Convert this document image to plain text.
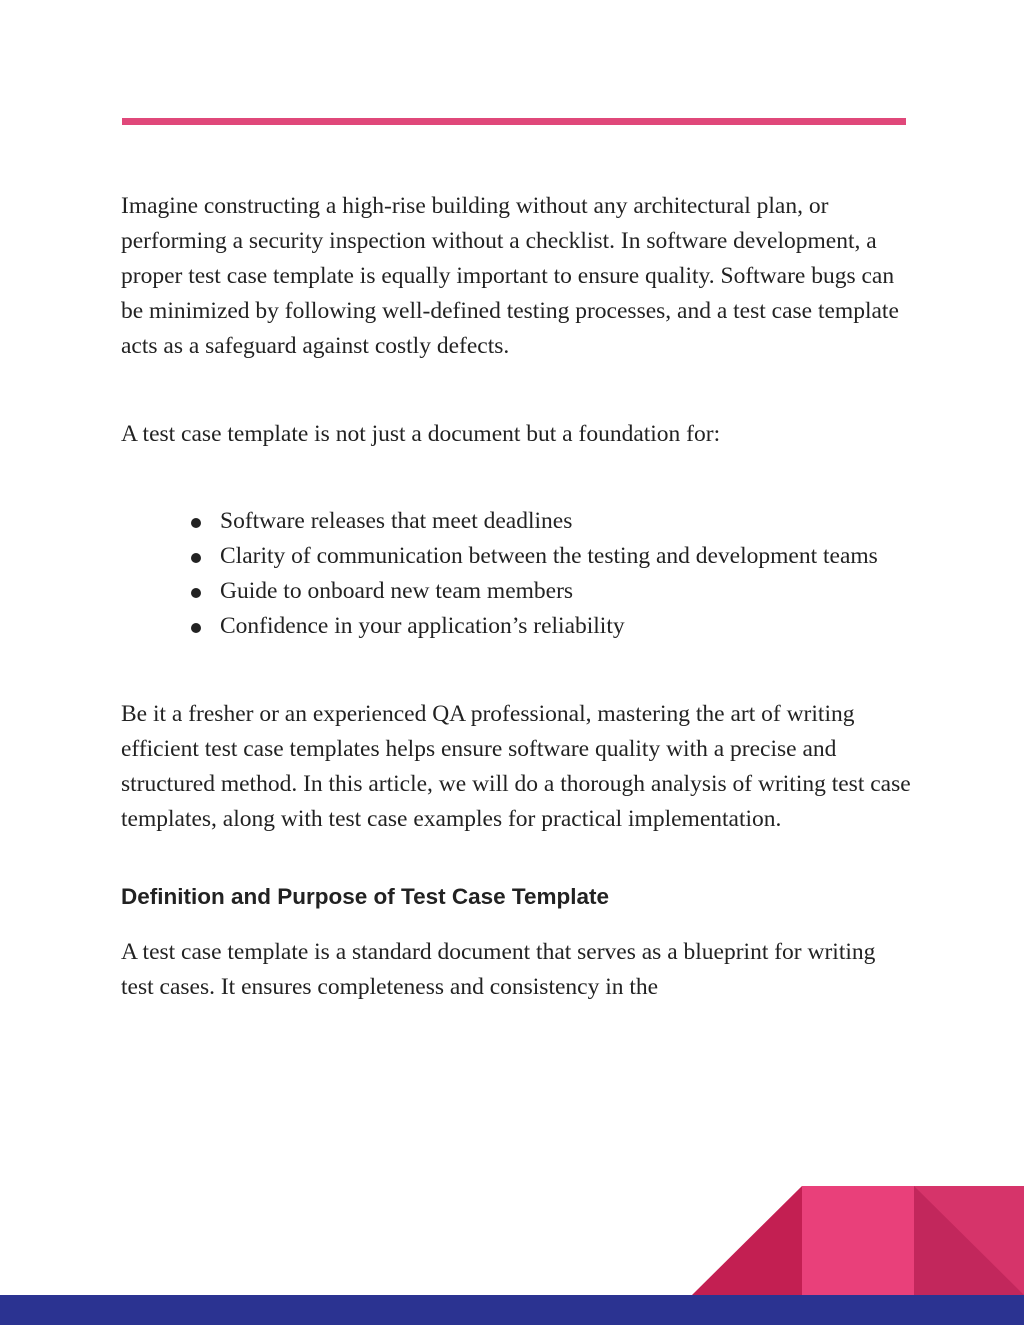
Imagine constructing a high-rise building without any architectural plan, or performing a security inspection without a checklist. In software development, a proper test case template is equally important to ensure quality. Software bugs can be minimized by following well-defined testing processes, and a test case template acts as a safeguard against costly defects.

A test case template is not just a document but a foundation for:

Software releases that meet deadlines
Clarity of communication between the testing and development teams
Guide to onboard new team members
Confidence in your application’s reliability

Be it a fresher or an experienced QA professional, mastering the art of writing efficient test case templates helps ensure software quality with a precise and structured method. In this article, we will do a thorough analysis of writing test case templates, along with test case examples for practical implementation.

Definition and Purpose of Test Case Template

A test case template is a standard document that serves as a blueprint for writing test cases. It ensures completeness and consistency in the
